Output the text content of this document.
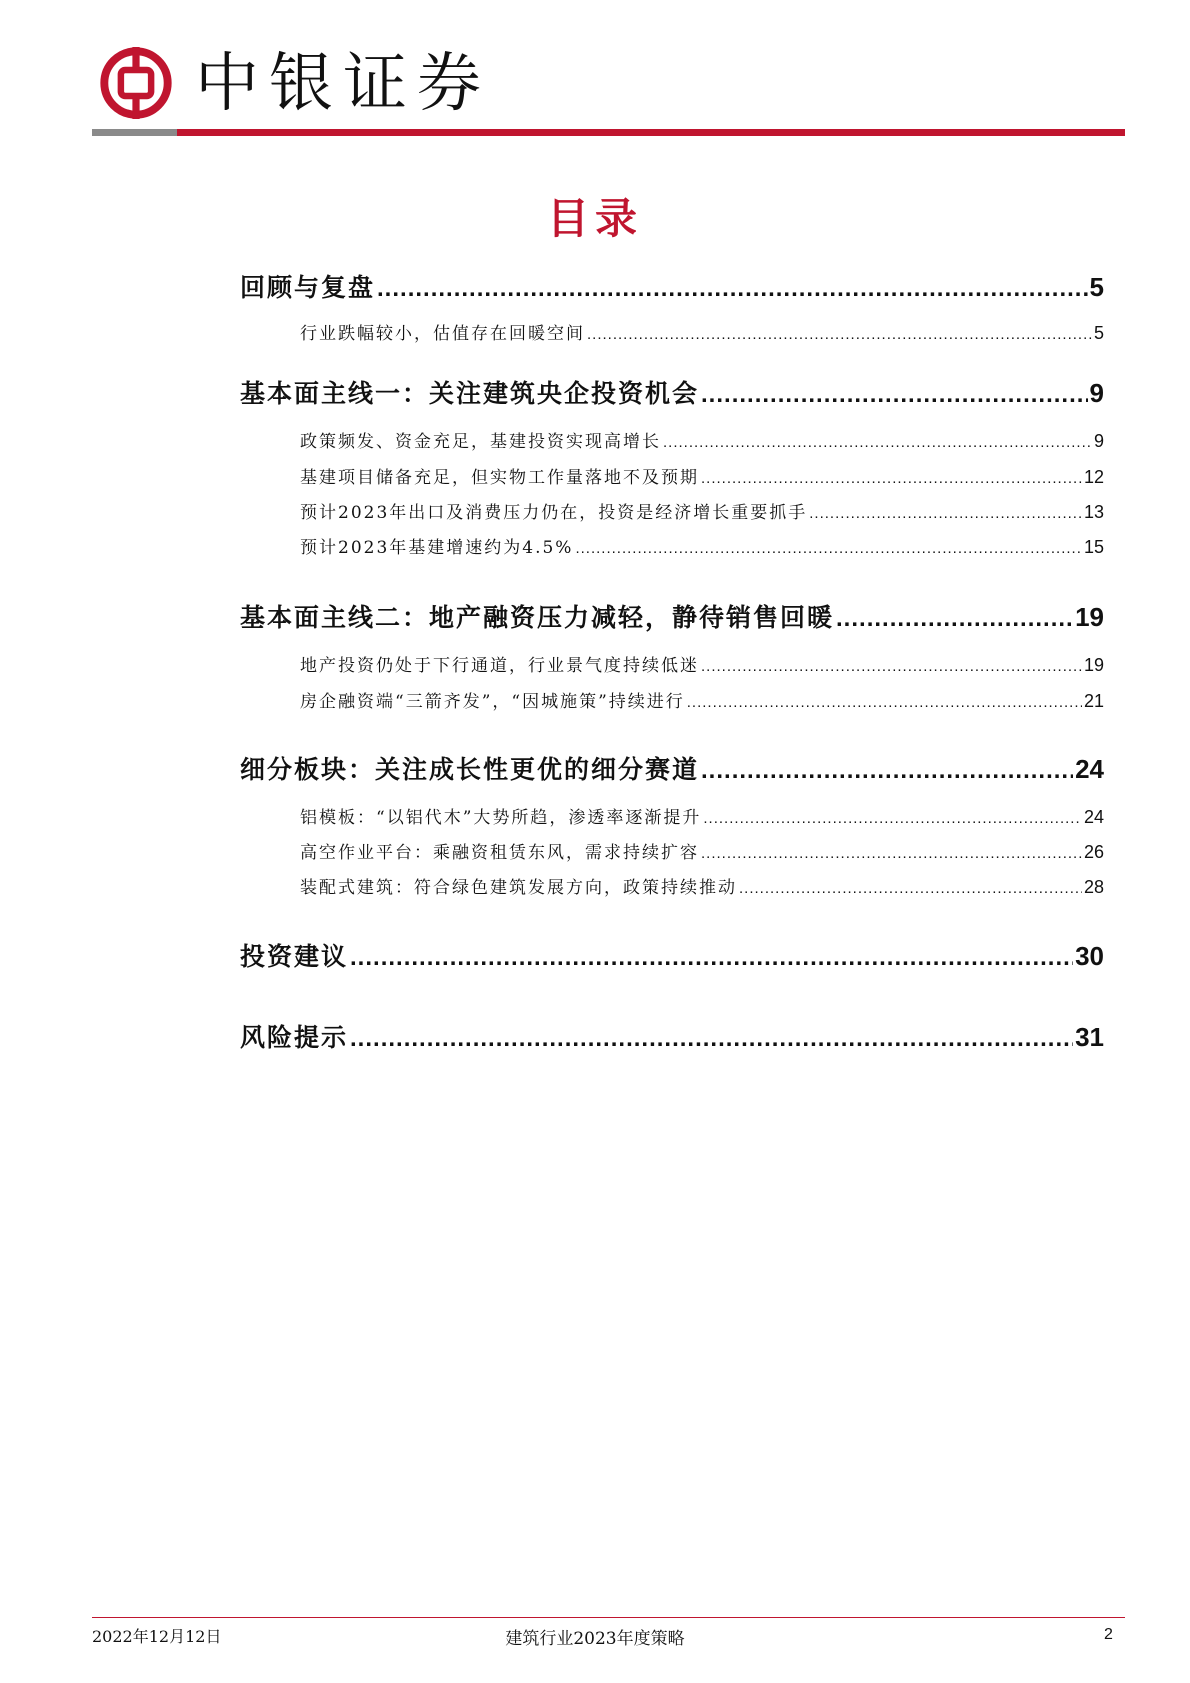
中银证券
目录
回顾与复盘 .....	5
行业跌幅较小，估值存在回暖空间 .....	5
基本面主线一：关注建筑央企投资机会 .....	9
政策频发、资金充足，基建投资实现高增长 .....	9
基建项目储备充足，但实物工作量落地不及预期 .....	12
预计2023年出口及消费压力仍在，投资是经济增长重要抓手 .....	13
预计2023年基建增速约为4.5% .....	15
基本面主线二：地产融资压力减轻，静待销售回暖 .....	19
地产投资仍处于下行通道，行业景气度持续低迷 .....	19
房企融资端“三箭齐发”，“因城施策”持续进行 .....	21
细分板块：关注成长性更优的细分赛道 .....	24
铝模板：“以铝代木”大势所趋，渗透率逐渐提升 .....	24
高空作业平台：乘融资租赁东风，需求持续扩容 .....	26
装配式建筑：符合绿色建筑发展方向，政策持续推动 .....	28
投资建议 .....	30
风险提示 .....	31
2022年12月12日	建筑行业2023年度策略	2
